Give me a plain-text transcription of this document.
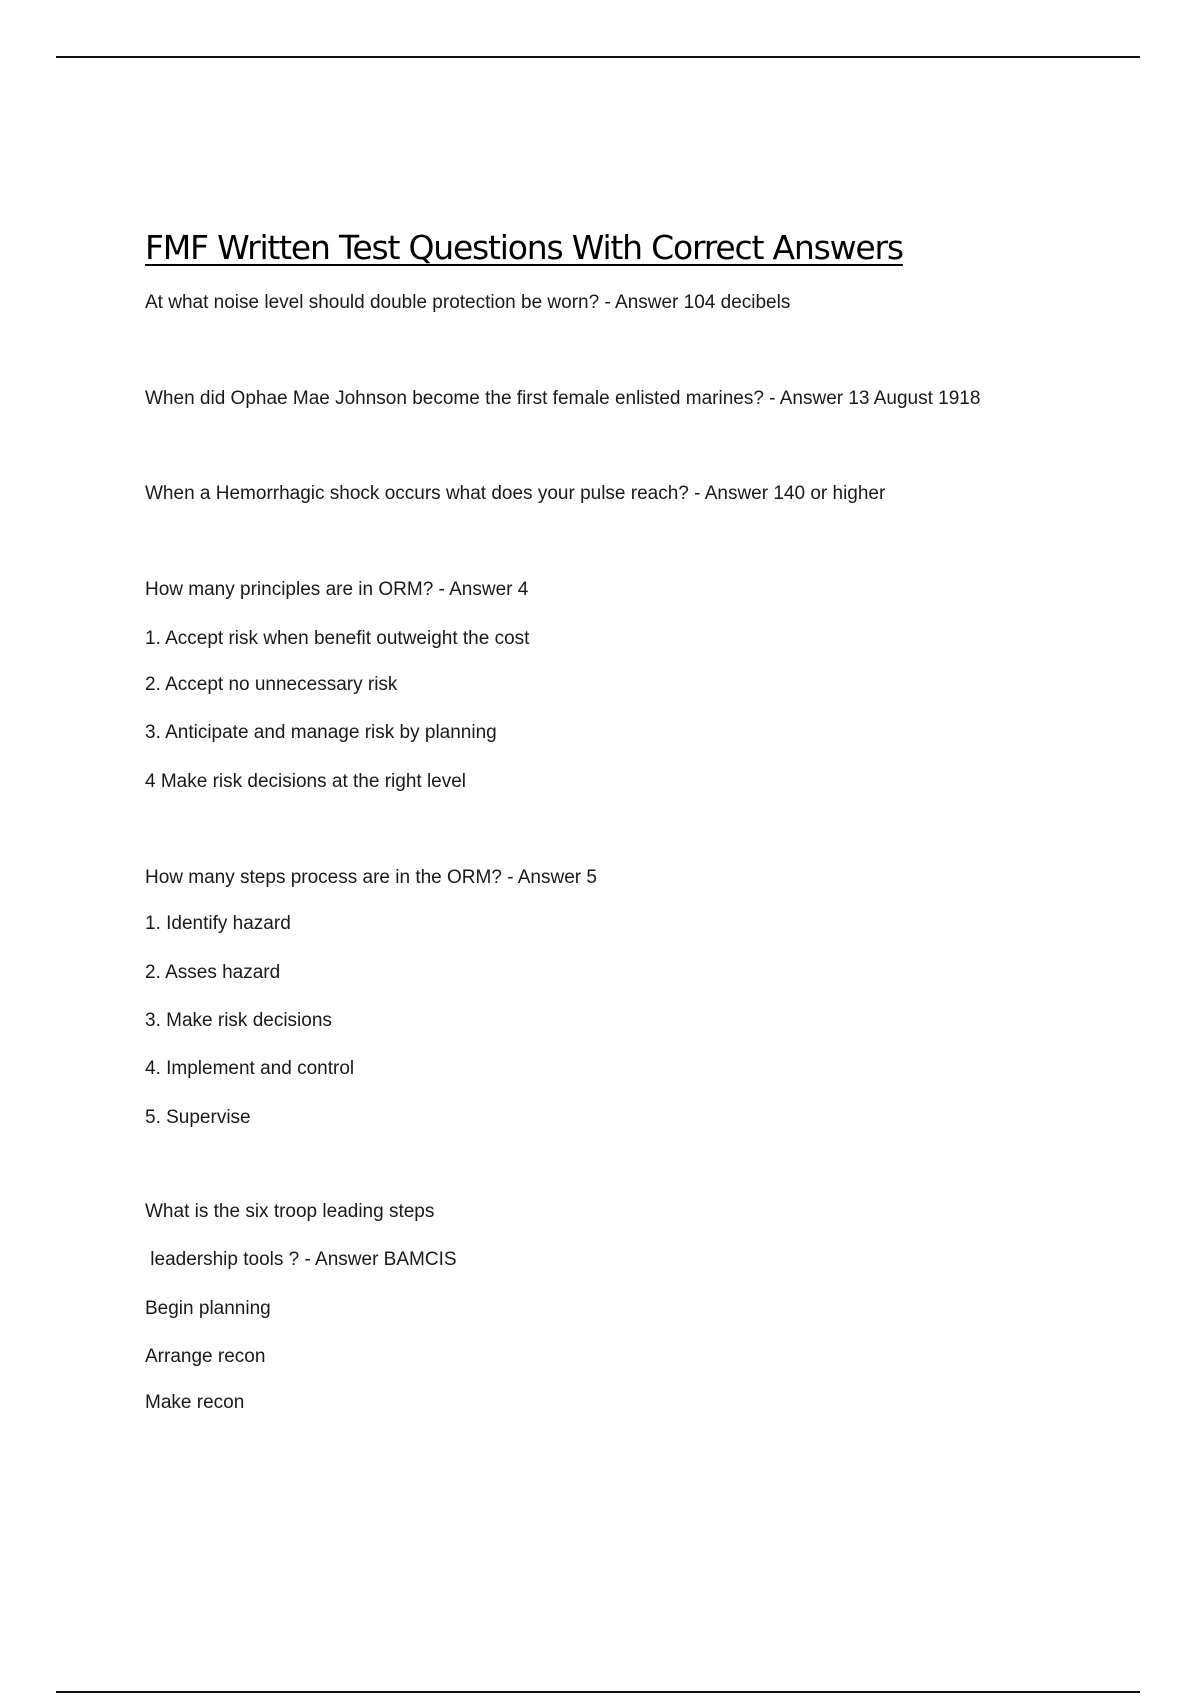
FMF Written Test Questions With Correct Answers
At what noise level should double protection be worn? - Answer 104 decibels
When did Ophae Mae Johnson become the first female enlisted marines? - Answer 13 August 1918
When a Hemorrhagic shock occurs what does your pulse reach? - Answer 140 or higher
How many principles are in ORM? - Answer 4
1. Accept risk when benefit outweight the cost
2. Accept no unnecessary risk
3. Anticipate and manage risk by planning
4 Make risk decisions at the right level
How many steps process are in the ORM? - Answer 5
1. Identify hazard
2. Asses hazard
3. Make risk decisions
4. Implement and control
5. Supervise
What is the six troop leading steps
leadership tools ? - Answer BAMCIS
Begin planning
Arrange recon
Make recon
